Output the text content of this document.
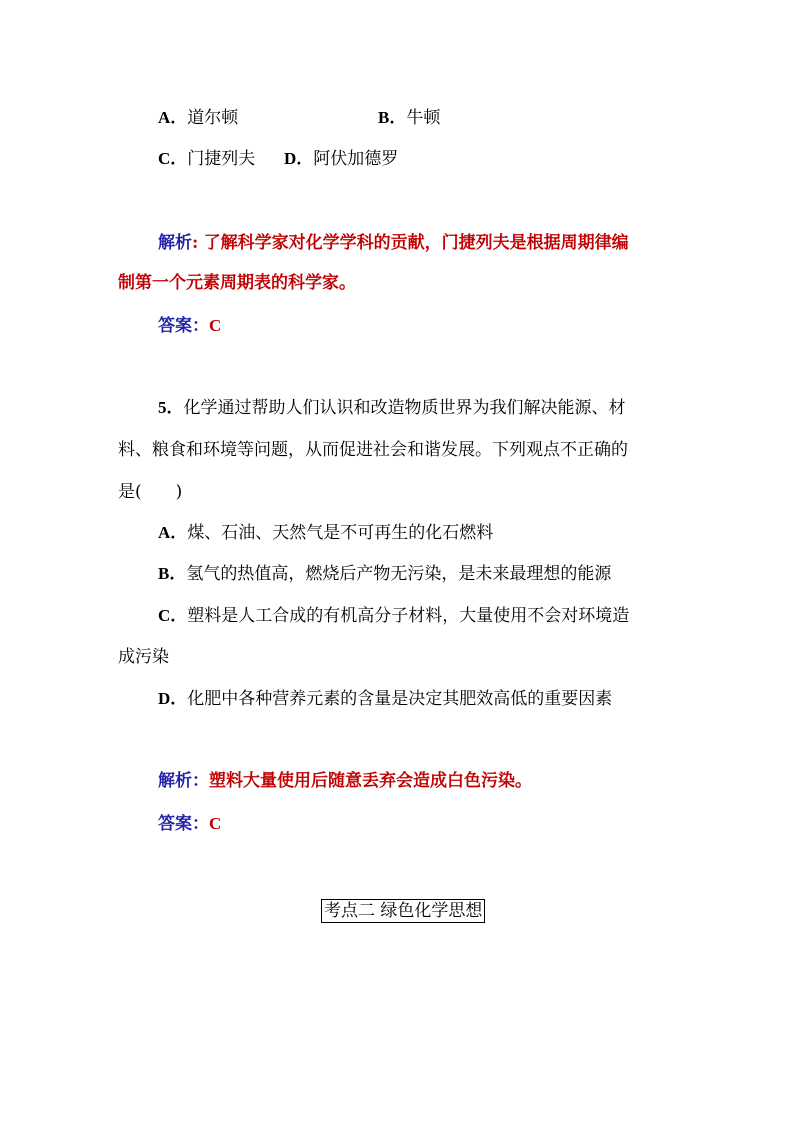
A．道尔顿	B．牛顿
C．门捷列夫 D．阿伏加德罗
解析: 了解科学家对化学学科的贡献，门捷列夫是根据周期律编
制第一个元素周期表的科学家。
答案：C
5．化学通过帮助人们认识和改造物质世界为我们解决能源、材
料、粮食和环境等问题，从而促进社会和谐发展。下列观点不正确的
是(　　)
A．煤、石油、天然气是不可再生的化石燃料
B．氢气的热值高，燃烧后产物无污染，是未来最理想的能源
C．塑料是人工合成的有机高分子材料，大量使用不会对环境造
成污染
D．化肥中各种营养元素的含量是决定其肥效高低的重要因素
解析：塑料大量使用后随意丢弃会造成白色污染。
答案：C
考点二 绿色化学思想
